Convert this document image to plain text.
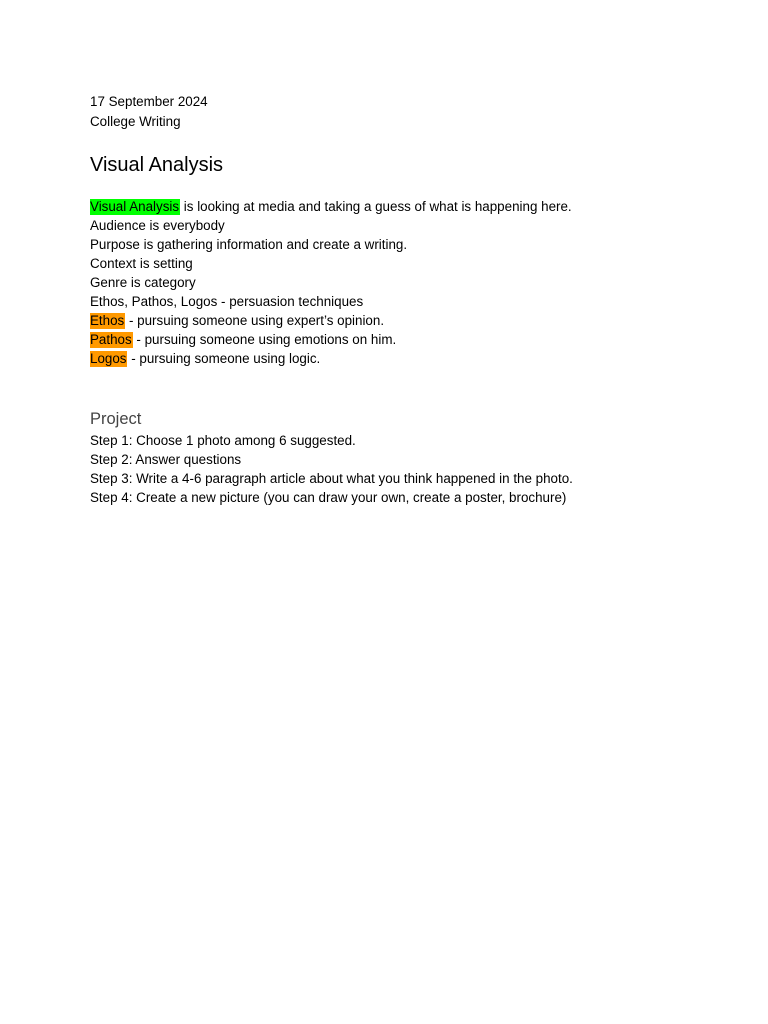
17 September 2024
College Writing
Visual Analysis
Visual Analysis is looking at media and taking a guess of what is happening here.
Audience is everybody
Purpose is gathering information and create a writing.
Context is setting
Genre is category
Ethos, Pathos, Logos - persuasion techniques
Ethos - pursuing someone using expert’s opinion.
Pathos - pursuing someone using emotions on him.
Logos - pursuing someone using logic.
Project
Step 1: Choose 1 photo among 6 suggested.
Step 2: Answer questions
Step 3: Write a 4-6 paragraph article about what you think happened in the photo.
Step 4: Create a new picture (you can draw your own, create a poster, brochure)
